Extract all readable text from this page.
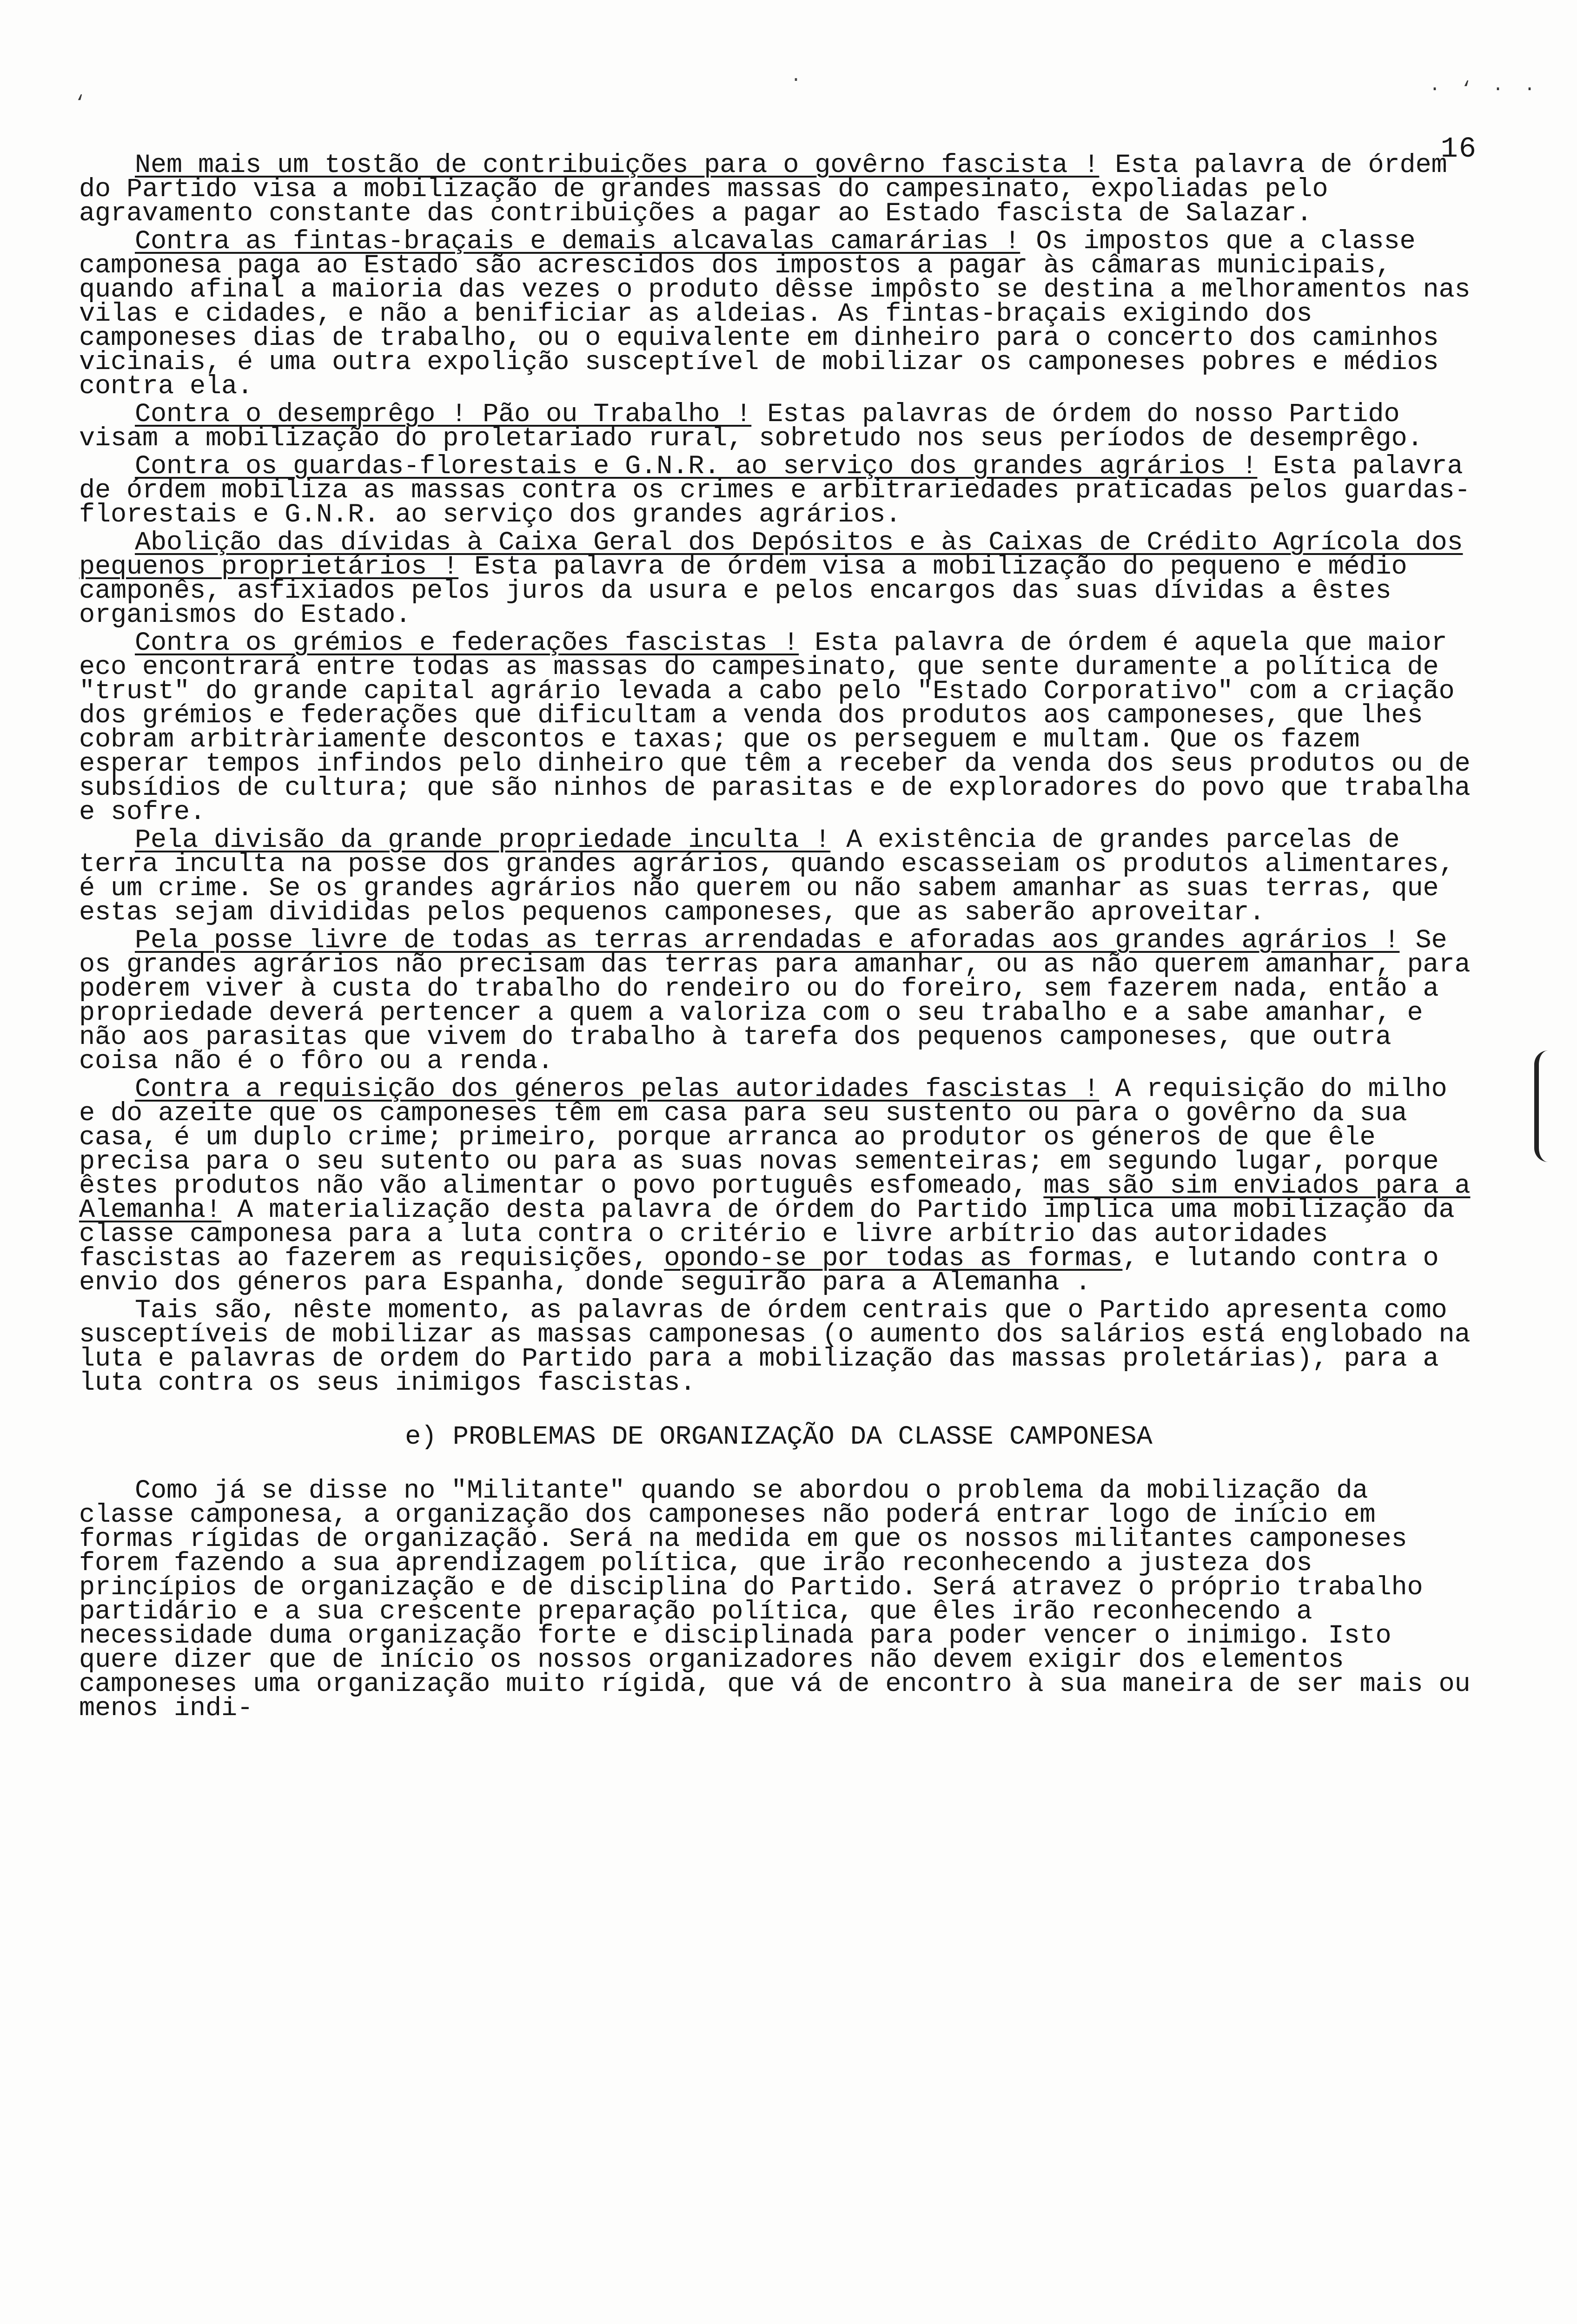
·
‘
· ‘ · ·
16

Nem mais um tostão de contribuições para o govêrno fascista ! Esta palavra de órdem do Partido visa a mobilização de grandes massas do campesinato, expoliadas pelo agravamento constante das contribuições a pagar ao Estado fascista de Salazar.

Contra as fintas-braçais e demais alcavalas camarárias ! Os impostos que a classe camponesa paga ao Estado são acrescidos dos impostos a pagar às câmaras municipais, quando afinal a maioria das vezes o produto dêsse impôsto se destina a melhoramentos nas vilas e cidades, e não a benificiar as aldeias. As fintas-braçais exigindo dos camponeses dias de trabalho, ou o equivalente em dinheiro para o concerto dos caminhos vicinais, é uma outra expolição susceptível de mobilizar os camponeses pobres e médios contra ela.

Contra o desemprêgo ! Pão ou Trabalho ! Estas palavras de órdem do nosso Partido visam a mobilização do proletariado rural, sobretudo nos seus períodos de desemprêgo.

Contra os guardas-florestais e G.N.R. ao serviço dos grandes agrários ! Esta palavra de órdem mobiliza as massas contra os crimes e arbitrariedades praticadas pelos guardas-florestais e G.N.R. ao serviço dos grandes agrários.

Abolição das dívidas à Caixa Geral dos Depósitos e às Caixas de Crédito Agrícola dos pequenos proprietários ! Esta palavra de órdem visa a mobilização do pequeno e médio camponês, asfixiados pelos juros da usura e pelos encargos das suas dívidas a êstes organismos do Estado.

Contra os grémios e federações fascistas ! Esta palavra de órdem é aquela que maior eco encontrará entre todas as massas do campesinato, que sente duramente a política de "trust" do grande capital agrário levada a cabo pelo "Estado Corporativo" com a criação dos grémios e federações que dificultam a venda dos produtos aos camponeses, que lhes cobram arbitràriamente descontos e taxas; que os perseguem e multam. Que os fazem esperar tempos infindos pelo dinheiro que têm a receber da venda dos seus produtos ou de subsídios de cultura; que são ninhos de parasitas e de exploradores do povo que trabalha e sofre.

Pela divisão da grande propriedade inculta ! A existência de grandes parcelas de terra inculta na posse dos grandes agrários, quando escasseiam os produtos alimentares, é um crime. Se os grandes agrários não querem ou não sabem amanhar as suas terras, que estas sejam divididas pelos pequenos camponeses, que as saberão aproveitar.

Pela posse livre de todas as terras arrendadas e aforadas aos grandes agrários ! Se os grandes agrários não precisam das terras para amanhar, ou as não querem amanhar, para poderem viver à custa do trabalho do rendeiro ou do foreiro, sem fazerem nada, então a propriedade deverá pertencer a quem a valoriza com o seu trabalho e a sabe amanhar, e não aos parasitas que vivem do trabalho à tarefa dos pequenos camponeses, que outra coisa não é o fôro ou a renda.

Contra a requisição dos géneros pelas autoridades fascistas ! A requisição do milho e do azeite que os camponeses têm em casa para seu sustento ou para o govêrno da sua casa, é um duplo crime; primeiro, porque arranca ao produtor os géneros de que êle precisa para o seu sutento ou para as suas novas sementeiras; em segundo lugar, porque êstes produtos não vão alimentar o povo português esfomeado, mas são sim enviados para a Alemanha! A materialização desta palavra de órdem do Partido implica uma mobilização da classe camponesa para a luta contra o critério e livre arbítrio das autoridades fascistas ao fazerem as requisições, opondo-se por todas as formas, e lutando contra o envio dos géneros para Espanha, donde seguirão para a Alemanha .

Tais são, nêste momento, as palavras de órdem centrais que o Partido apresenta como susceptíveis de mobilizar as massas camponesas (o aumento dos salários está englobado na luta e palavras de ordem do Partido para a mobilização das massas proletárias), para a luta contra os seus inimigos fascistas.

e) PROBLEMAS DE ORGANIZAÇÃO DA CLASSE CAMPONESA

Como já se disse no "Militante" quando se abordou o problema da mobilização da classe camponesa, a organização dos camponeses não poderá entrar logo de início em formas rígidas de organização. Será na medida em que os nossos militantes camponeses forem fazendo a sua aprendizagem política, que irão reconhecendo a justeza dos princípios de organização e de disciplina do Partido. Será atravez o próprio trabalho partidário e a sua crescente preparação política, que êles irão reconhecendo a necessidade duma organização forte e disciplinada para poder vencer o inimigo. Isto quere dizer que de início os nossos organizadores não devem exigir dos elementos camponeses uma organização muito rígida, que vá de encontro à sua maneira de ser mais ou menos indi-
